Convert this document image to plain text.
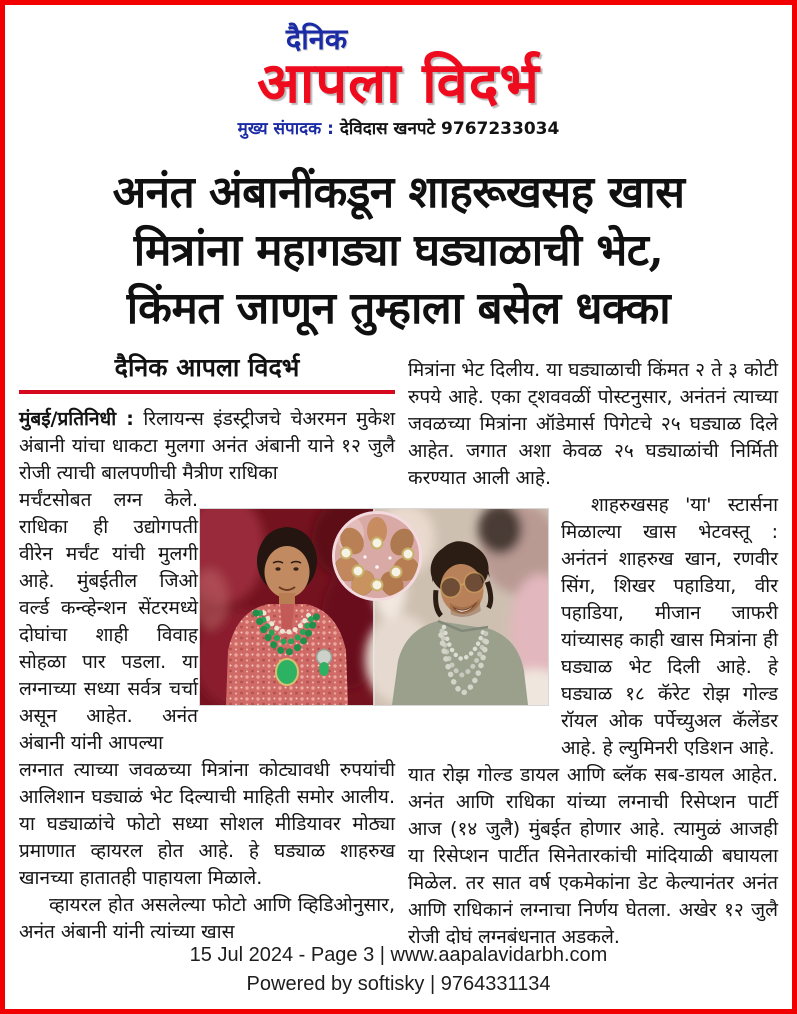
दैनिक
आपला विदर्भ
मुख्य संपादक : देविदास खनपटे 9767233034
अनंत अंबानींकडून शाहरूखसह खास
मित्रांना महागड्या घड्याळाची भेट,
किंमत जाणून तुम्हाला बसेल धक्का
दैनिक आपला विदर्भ
मुंबई/प्रतिनिधी : रिलायन्स इंडस्ट्रीजचे चेअरमन मुकेश अंबानी यांचा धाकटा मुलगा अनंत अंबानी याने १२ जुलै रोजी त्याची बालपणीची मैत्रीण राधिका
मर्चंटसोबत लग्न केले. राधिका ही उद्योगपती वीरेन मर्चंट यांची मुलगी आहे. मुंबईतील जिओ वर्ल्ड कन्व्हेन्शन सेंटरमध्ये दोघांचा शाही विवाह सोहळा पार पडला. या लग्नाच्या सध्या सर्वत्र चर्चा असून आहेत. अनंत अंबानी यांनी आपल्या
लग्नात त्याच्या जवळच्या मित्रांना कोट्यावधी रुपयांची आलिशान घड्याळं भेट दिल्याची माहिती समोर आलीय. या घड्याळांचे फोटो सध्या सोशल मीडियावर मोठ्या प्रमाणात व्हायरल होत आहे. हे घड्याळ शाहरुख खानच्या हातातही पाहायला मिळाले.
व्हायरल होत असलेल्या फोटो आणि व्हिडिओनुसार, अनंत अंबानी यांनी त्यांच्या खास
मित्रांना भेट दिलीय. या घड्याळाची किंमत २ ते ३ कोटी रुपये आहे. एका ट्शववळीं पोस्टनुसार, अनंतनं त्याच्या जवळच्या मित्रांना ऑडेमार्स पिगेटचे २५ घड्याळ दिले आहेत. जगात अशा केवळ २५ घड्याळांची निर्मिती करण्यात आली आहे.
शाहरुखसह 'या' स्टार्सना मिळाल्या खास भेटवस्तू : अनंतनं शाहरुख खान, रणवीर सिंग, शिखर पहाडिया, वीर पहाडिया, मीजान जाफरी यांच्यासह काही खास मित्रांना ही घड्याळ भेट दिली आहे. हे घड्याळ १८ कॅरेट रोझ गोल्ड रॉयल ओक पर्पेच्युअल कॅलेंडर आहे. हे ल्युमिनरी एडिशन आहे.
यात रोझ गोल्ड डायल आणि ब्लॅक सब-डायल आहेत. अनंत आणि राधिका यांच्या लग्नाची रिसेप्शन पार्टी आज (१४ जुलै) मुंबईत होणार आहे. त्यामुळं आजही या रिसेप्शन पार्टीत सिनेतारकांची मांदियाळी बघायला मिळेल. तर सात वर्ष एकमेकांना डेट केल्यानंतर अनंत आणि राधिकानं लग्नाचा निर्णय घेतला. अखेर १२ जुलै रोजी दोघं लग्नबंधनात अडकले.
15 Jul 2024 - Page 3 | www.aapalavidarbh.com
Powered by softisky | 9764331134
